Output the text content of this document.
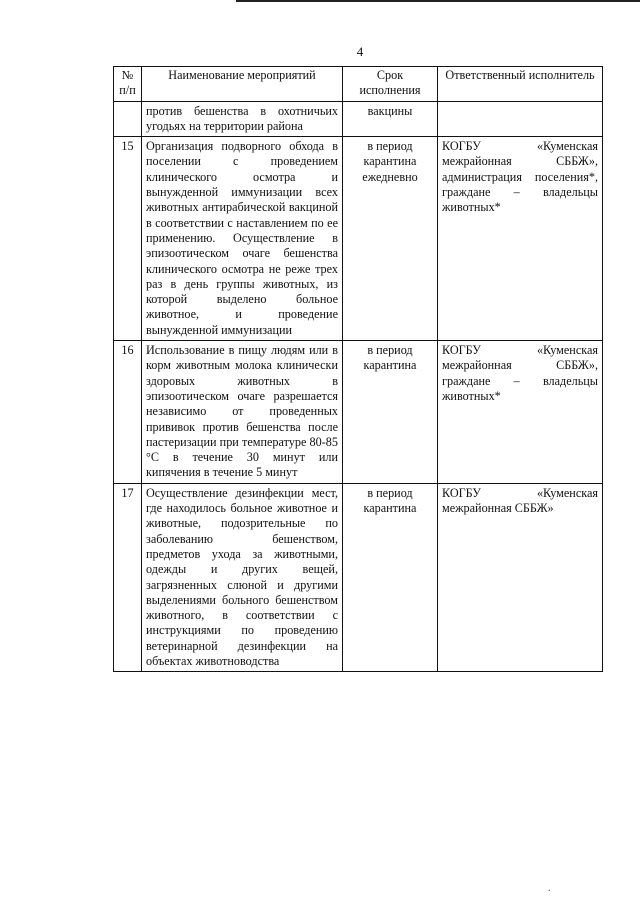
4
№ п/п	Наименование мероприятий	Срок исполнения	Ответственный исполнитель
	против бешенства в охотничьих угодьях на территории района	вакцины	
15	Организация подворного обхода в поселении с проведением клинического осмотра и вынужденной иммунизации всех животных антирабической вакциной в соответствии с наставлением по ее применению. Осуществление в эпизоотическом очаге бешенства клинического осмотра не реже трех раз в день группы животных, из которой выделено больное животное, и проведение вынужденной иммунизации	в период карантина ежедневно	КОГБУ «Куменская межрайонная СББЖ», администрация поселения*, граждане – владельцы животных*
16	Использование в пищу людям или в корм животным молока клинически здоровых животных в эпизоотическом очаге разрешается независимо от проведенных прививок против бешенства после пастеризации при температуре 80-85 °С в течение 30 минут или кипячения в течение 5 минут	в период карантина	КОГБУ «Куменская межрайонная СББЖ», граждане – владельцы животных*
17	Осуществление дезинфекции мест, где находилось больное животное и животные, подозрительные по заболеванию бешенством, предметов ухода за животными, одежды и других вещей, загрязненных слюной и другими выделениями больного бешенством животного, в соответствии с инструкциями по проведению ветеринарной дезинфекции на объектах животноводства	в период карантина	КОГБУ «Куменская межрайонная СББЖ»
.
